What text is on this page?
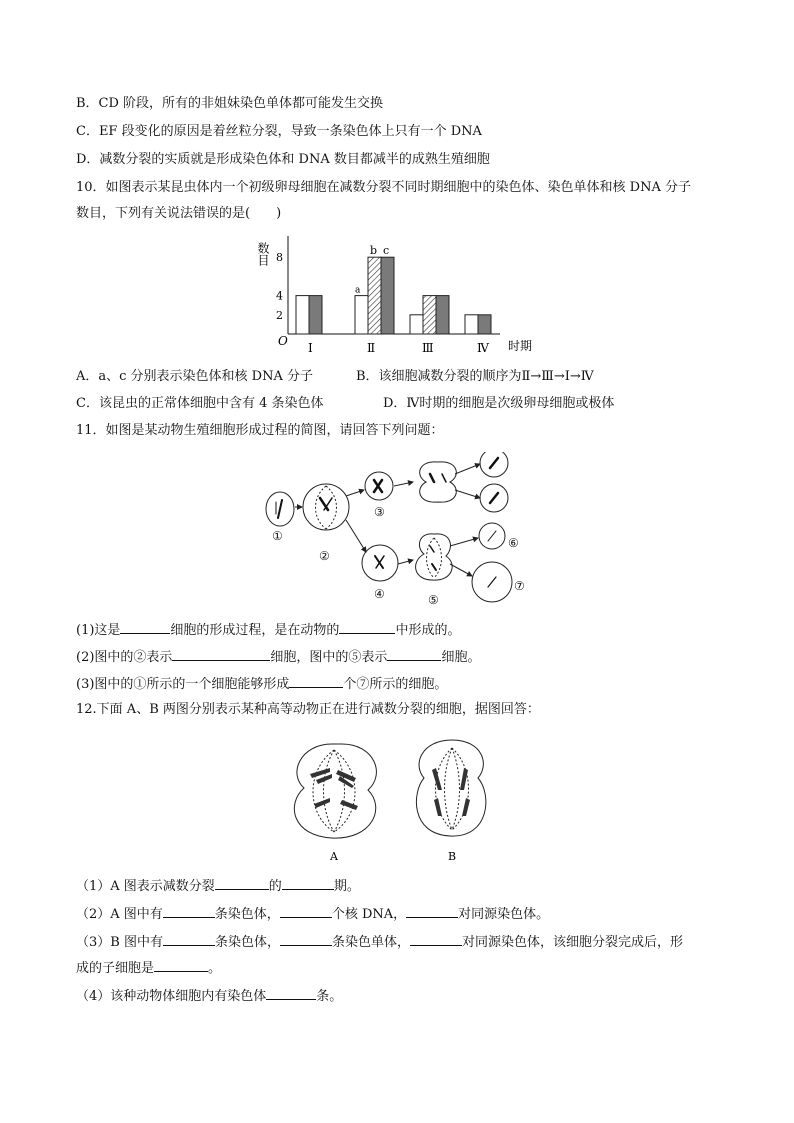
B．CD 阶段，所有的非姐妹染色单体都可能发生交换
C．EF 段变化的原因是着丝粒分裂，导致一条染色体上只有一个 DNA
D．减数分裂的实质就是形成染色体和 DNA 数目都减半的成熟生殖细胞
10．如图表示某昆虫体内一个初级卵母细胞在减数分裂不同时期细胞中的染色体、染色单体和核 DNA 分子
数目，下列有关说法错误的是(　　)
数目
O	时期
2
4
8
Ⅰ
a
b c
Ⅱ	Ⅲ	Ⅳ
A．a、c 分别表示染色体和核 DNA 分子	B．该细胞减数分裂的顺序为Ⅱ→Ⅲ→Ⅰ→Ⅳ
C．该昆虫的正常体细胞中含有 4 条染色体	D．Ⅳ时期的细胞是次级卵母细胞或极体
11．如图是某动物生殖细胞形成过程的简图，请回答下列问题：
①
②
③
④	⑤
⑥
⑦
(1)这是	细胞的形成过程，是在动物的	中形成的。
(2)图中的②表示	细胞，图中的⑤表示	细胞。
(3)图中的①所示的一个细胞能够形成	个⑦所示的细胞。
12.下面 A、B 两图分别表示某种高等动物正在进行减数分裂的细胞，据图回答：
A	B
（1）A 图表示减数分裂	的	期。
（2）A 图中有	条染色体，	个核 DNA，	对同源染色体。
（3）B 图中有	条染色体，	条染色单体，	对同源染色体，该细胞分裂完成后，形
成的子细胞是	。
（4）该种动物体细胞内有染色体	条。
